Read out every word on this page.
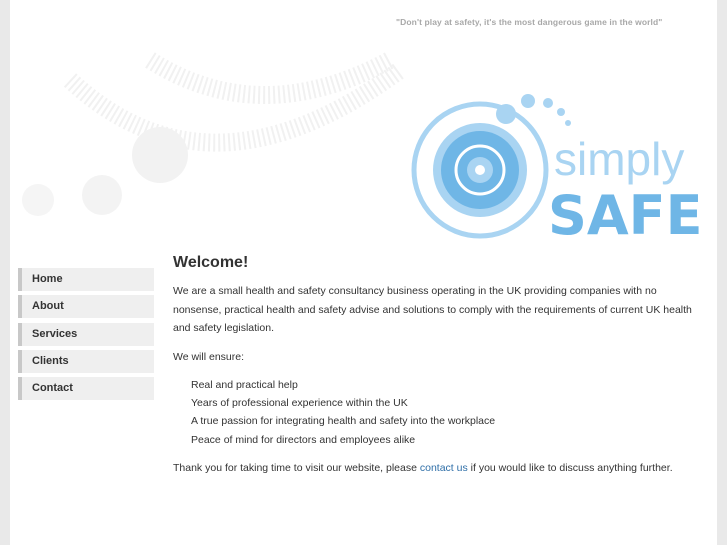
"Don't play at safety, it's the most dangerous game in the world"
simply
SAFE
Home
About
Services
Clients
Contact
Welcome!

We are a small health and safety consultancy business operating in the UK providing companies with no nonsense, practical health and safety advise and solutions to comply with the requirements of current UK health and safety legislation.

We will ensure:

Real and practical help
Years of professional experience within the UK
A true passion for integrating health and safety into the workplace
Peace of mind for directors and employees alike

Thank you for taking time to visit our website, please contact us if you would like to discuss anything further.
